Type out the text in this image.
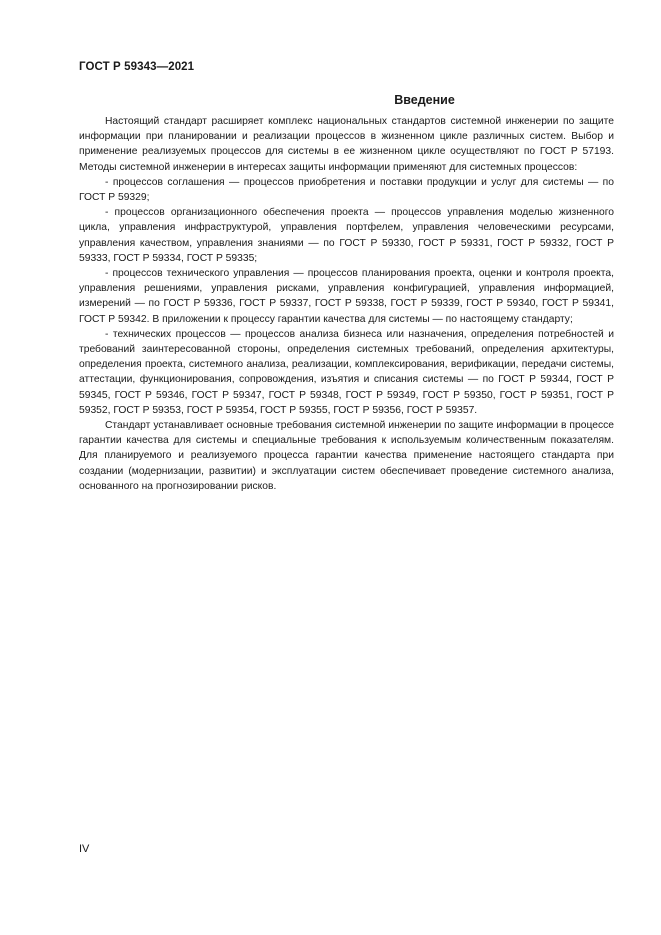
ГОСТ Р 59343—2021
Введение

Настоящий стандарт расширяет комплекс национальных стандартов системной инженерии по защите информации при планировании и реализации процессов в жизненном цикле различных систем. Выбор и применение реализуемых процессов для системы в ее жизненном цикле осуществляют по ГОСТ Р 57193. Методы системной инженерии в интересах защиты информации применяют для системных процессов:

- процессов соглашения — процессов приобретения и поставки продукции и услуг для системы — по ГОСТ Р 59329;

- процессов организационного обеспечения проекта — процессов управления моделью жизненного цикла, управления инфраструктурой, управления портфелем, управления человеческими ресурсами, управления качеством, управления знаниями — по ГОСТ Р 59330, ГОСТ Р 59331, ГОСТ Р 59332, ГОСТ Р 59333, ГОСТ Р 59334, ГОСТ Р 59335;

- процессов технического управления — процессов планирования проекта, оценки и контроля проекта, управления решениями, управления рисками, управления конфигурацией, управления информацией, измерений — по ГОСТ Р 59336, ГОСТ Р 59337, ГОСТ Р 59338, ГОСТ Р 59339, ГОСТ Р 59340, ГОСТ Р 59341, ГОСТ Р 59342. В приложении к процессу гарантии качества для системы — по настоящему стандарту;

- технических процессов — процессов анализа бизнеса или назначения, определения потребностей и требований заинтересованной стороны, определения системных требований, определения архитектуры, определения проекта, системного анализа, реализации, комплексирования, верификации, передачи системы, аттестации, функционирования, сопровождения, изъятия и списания системы — по ГОСТ Р 59344, ГОСТ Р 59345, ГОСТ Р 59346, ГОСТ Р 59347, ГОСТ Р 59348, ГОСТ Р 59349, ГОСТ Р 59350, ГОСТ Р 59351, ГОСТ Р 59352, ГОСТ Р 59353, ГОСТ Р 59354, ГОСТ Р 59355, ГОСТ Р 59356, ГОСТ Р 59357.

Стандарт устанавливает основные требования системной инженерии по защите информации в процессе гарантии качества для системы и специальные требования к используемым количественным показателям. Для планируемого и реализуемого процесса гарантии качества применение настоящего стандарта при создании (модернизации, развитии) и эксплуатации систем обеспечивает проведение системного анализа, основанного на прогнозировании рисков.

IV
